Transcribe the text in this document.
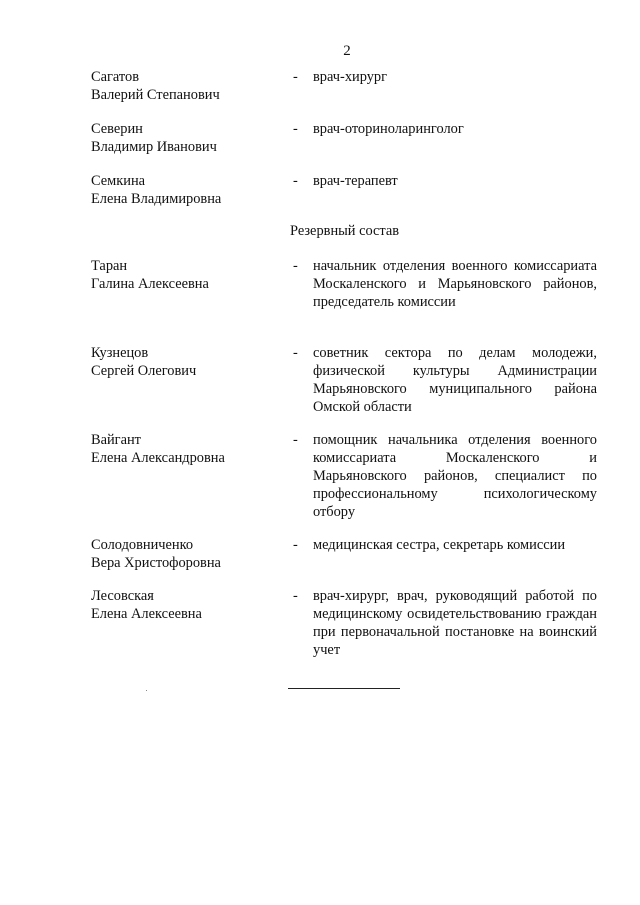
2
Сагатов
Валерий Степанович
- врач-хирург
Северин
Владимир Иванович
- врач-оториноларинголог
Семкина
Елена Владимировна
- врач-терапевт
Резервный состав
Таран
Галина Алексеевна
- начальник отделения военного комиссариата Москаленского и Марьяновского районов, председатель комиссии
Кузнецов
Сергей Олегович
- советник сектора по делам молодежи, физической культуры Администрации Марьяновского муниципального района Омской области
Вайгант
Елена Александровна
- помощник начальника отделения военного комиссариата Москаленского и Марьяновского районов, специалист по профессиональному психологическому отбору
Солодовниченко
Вера Христофоровна
- медицинская сестра, секретарь комиссии
Лесовская
Елена Алексеевна
- врач-хирург, врач, руководящий работой по медицинскому освидетельствованию граждан при первоначальной постановке на воинский учет
